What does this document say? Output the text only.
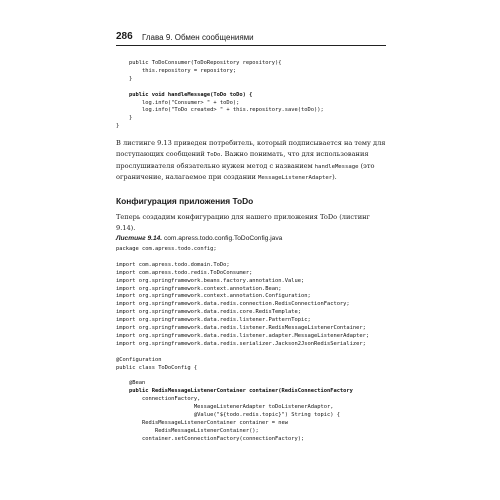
286 Глава 9. Обмен сообщениями
public ToDoConsumer(ToDoRepository repository){
this.repository = repository;
}

public void handleMessage(ToDo toDo) {
log.info("Consumer> " + toDo);
log.info("ToDo created> " + this.repository.save(toDo));
}
}

В листинге 9.13 приведен потребитель, который подписывается на тему для поступающих сообщений ToDo. Важно понимать, что для использования прослушивателя обязательно нужен метод с названием handleMessage (это ограничение, налагаемое при создании MessageListenerAdapter).

Конфигурация приложения ToDo

Теперь создадим конфигурацию для нашего приложения ToDo (листинг 9.14).

Листинг 9.14. com.apress.todo.config.ToDoConfig.java

package com.apress.todo.config;

import com.apress.todo.domain.ToDo;
import com.apress.todo.redis.ToDoConsumer;
import org.springframework.beans.factory.annotation.Value;
import org.springframework.context.annotation.Bean;
import org.springframework.context.annotation.Configuration;
import org.springframework.data.redis.connection.RedisConnectionFactory;
import org.springframework.data.redis.core.RedisTemplate;
import org.springframework.data.redis.listener.PatternTopic;
import org.springframework.data.redis.listener.RedisMessageListenerContainer;
import org.springframework.data.redis.listener.adapter.MessageListenerAdapter;
import org.springframework.data.redis.serializer.Jackson2JsonRedisSerializer;

@Configuration
public class ToDoConfig {

@Bean
public RedisMessageListenerContainer container(RedisConnectionFactory
connectionFactory,
MessageListenerAdapter toDoListenerAdaptor,
@Value("${todo.redis.topic}") String topic) {
RedisMessageListenerContainer container = new
RedisMessageListenerContainer();
container.setConnectionFactory(connectionFactory);
